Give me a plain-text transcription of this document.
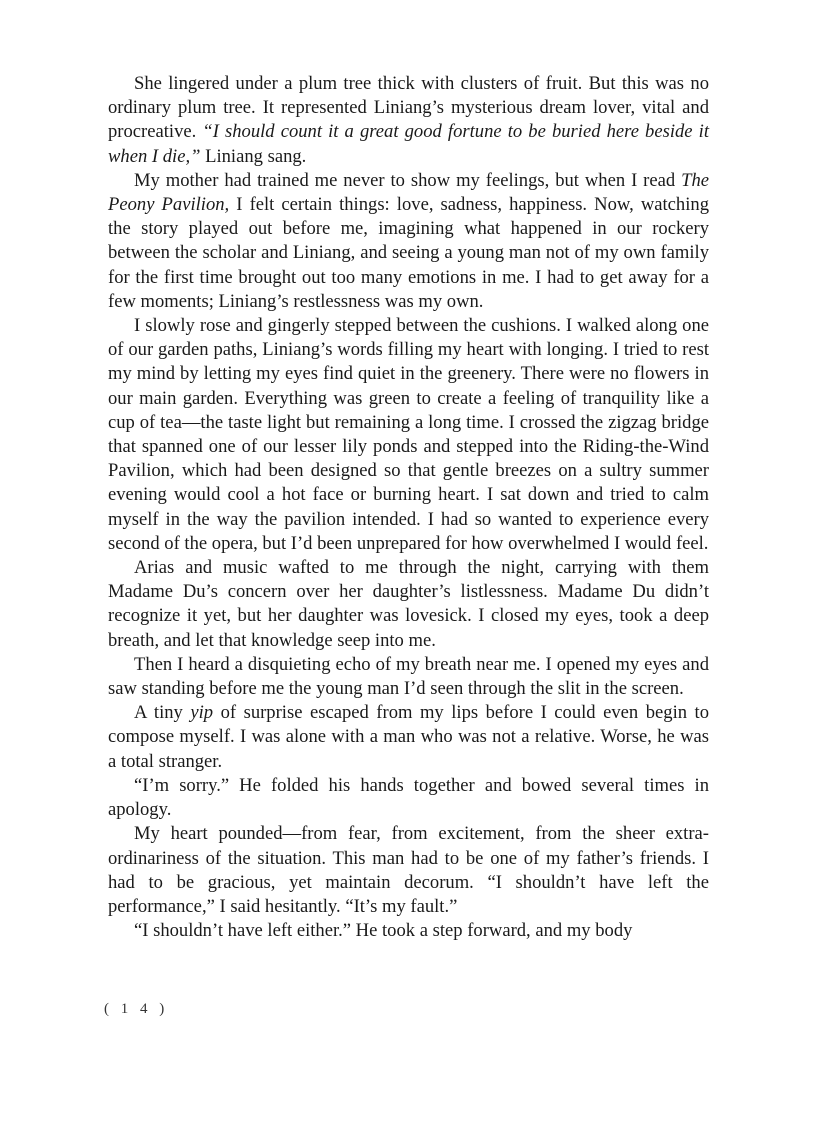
She lingered under a plum tree thick with clusters of fruit. But this was no ordinary plum tree. It represented Liniang’s mysterious dream lover, vital and procreative. “I should count it a great good fortune to be buried here beside it when I die,” Liniang sang.

My mother had trained me never to show my feelings, but when I read The Peony Pavilion, I felt certain things: love, sadness, happiness. Now, watching the story played out before me, imagining what happened in our rockery between the scholar and Liniang, and seeing a young man not of my own family for the first time brought out too many emotions in me. I had to get away for a few moments; Liniang’s restlessness was my own.

I slowly rose and gingerly stepped between the cushions. I walked along one of our garden paths, Liniang’s words filling my heart with longing. I tried to rest my mind by letting my eyes find quiet in the greenery. There were no flowers in our main garden. Everything was green to create a feeling of tranquility like a cup of tea—the taste light but remaining a long time. I crossed the zigzag bridge that spanned one of our lesser lily ponds and stepped into the Riding-the-Wind Pavilion, which had been designed so that gentle breezes on a sultry summer evening would cool a hot face or burning heart. I sat down and tried to calm myself in the way the pavilion intended. I had so wanted to experience every second of the opera, but I’d been unprepared for how overwhelmed I would feel.

Arias and music wafted to me through the night, carrying with them Madame Du’s concern over her daughter’s listlessness. Madame Du didn’t recognize it yet, but her daughter was lovesick. I closed my eyes, took a deep breath, and let that knowledge seep into me.

Then I heard a disquieting echo of my breath near me. I opened my eyes and saw standing before me the young man I’d seen through the slit in the screen.

A tiny yip of surprise escaped from my lips before I could even begin to compose myself. I was alone with a man who was not a relative. Worse, he was a total stranger.

“I’m sorry.” He folded his hands together and bowed several times in apology.

My heart pounded—from fear, from excitement, from the sheer extraordinariness of the situation. This man had to be one of my father’s friends. I had to be gracious, yet maintain decorum. “I shouldn’t have left the performance,” I said hesitantly. “It’s my fault.”

“I shouldn’t have left either.” He took a step forward, and my body

( 1 4 )
